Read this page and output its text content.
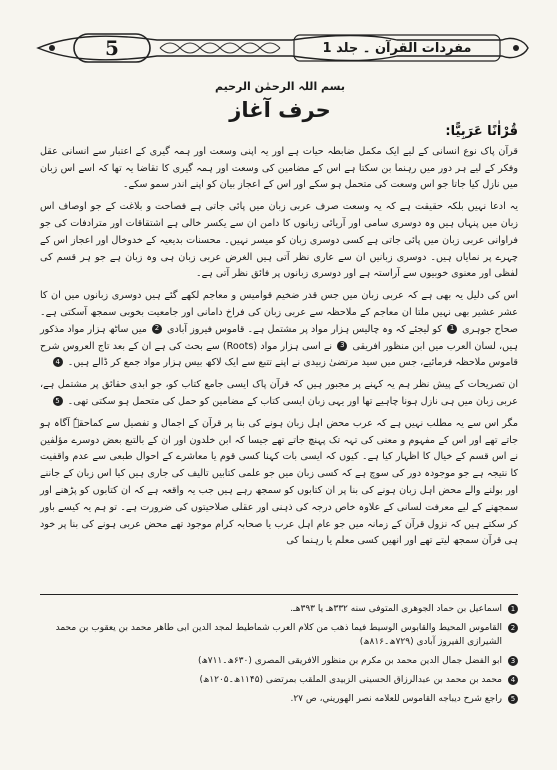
5	مفردات القرآن ۔ جلد 1
بسم اللہ الرحمٰن الرحیم
حرف آغاز
قُرْاٰنًا عَرَبِيًّا:

قرآن پاک نوع انسانی کے لیے ایک مکمل ضابطہ حیات ہے اور یہ اپنی وسعت اور ہمہ گیری کے اعتبار سے انسانی عقل وفکر کے لیے ہر دور میں رہنما بن سکتا ہے اس کے مضامین کی وسعت اور ہمہ گیری کا تقاضا یہ تھا کہ اسے اس زبان میں نازل کیا جاتا جو اس وسعت کی متحمل ہو سکے اور اس کے اعجاز بیان کو اپنے اندر سمو سکے۔

یہ ادعا نہیں بلکہ حقیقت ہے کہ یہ وسعت صرف عربی زبان میں پائی جاتی ہے فصاحت و بلاغت کے جو اوصاف اس زبان میں پنہاں ہیں وہ دوسری سامی اور آریائی زبانوں کا دامن ان سے یکسر خالی ہے اشتقاقات اور مترادفات کی جو فراوانی عربی زبان میں پائی جاتی ہے کسی دوسری زبان کو میسر نہیں۔ محسنات بدیعیہ کے خدوخال اور اعجاز اس کے چہرے پر نمایاں ہیں۔ دوسری زبانیں ان سے عاری نظر آتی ہیں الغرض عربی زبان ہی وہ زبان ہے جو ہر قسم کی لفظی اور معنوی خوبیوں سے آراستہ ہے اور دوسری زبانوں پر فائق نظر آتی ہے۔

اس کی دلیل یہ بھی ہے کہ عربی زبان میں جس قدر ضخیم قوامیس و معاجم لکھے گئے ہیں دوسری زبانوں میں ان کا عشر عشیر بھی نہیں ملتا ان معاجم کے ملاحظہ سے عربی زبان کی فراخ دامانی اور جامعیت بخوبی سمجھ آسکتی ہے۔ صحاح جوہری 1 کو لیجئے کہ وہ چالیس ہزار مواد پر مشتمل ہے۔ قاموس فیروز آبادی 2 میں ساٹھ ہزار مواد مذکور ہیں، لسان العرب میں ابن منظور افریقی 3 نے اسی ہزار مواد (Roots) سے بحث کی ہے ان کے بعد تاج العروس شرح قاموس ملاحظہ فرمائیے، جس میں سید مرتضیٰ زبیدی نے اپنے تتبع سے ایک لاکھ بیس ہزار مواد جمع کر ڈالے ہیں۔ 4

ان تصریحات کے پیش نظر ہم یہ کہنے پر مجبور ہیں کہ قرآن پاک ایسی جامع کتاب کو، جو ابدی حقائق پر مشتمل ہے، عربی زبان میں ہی نازل ہونا چاہیے تھا اور یہی زبان ایسی کتاب کے مضامین کو حمل کی متحمل ہو سکتی تھی۔ 5

مگر اس سے یہ مطلب نہیں ہے کہ عرب محض اہل زبان ہونے کی بنا پر قرآن کے اجمال و تفصیل سے کماحقہٗ آگاہ ہو جاتے تھے اور اس کے مفہوم و معنی کی تہہ تک پہنچ جاتے تھے جیسا کہ ابن خلدون اور ان کے بالتبع بعض دوسرے مؤلفین نے اس قسم کے خیال کا اظہار کیا ہے۔ کیوں کہ ایسی بات کہنا کسی قوم یا معاشرے کے احوال طبعی سے عدم واقفیت کا نتیجہ ہے جو موجودہ دور کی سوچ ہے کہ کسی زبان میں جو علمی کتابیں تالیف کی جاری ہیں کیا اس زبان کے جاننے اور بولنے والے محض اہل زبان ہونے کی بنا پر ان کتابوں کو سمجھ رہے ہیں جب یہ واقعہ ہے کہ ان کتابوں کو پڑھنے اور سمجھنے کے لیے معرفت لسانی کے علاوہ خاص درجہ کی ذہنی اور عقلی صلاحیتوں کی ضرورت ہے۔ تو ہم یہ کیسے باور کر سکتے ہیں کہ نزول قرآن کے زمانہ میں جو عام اہل عرب یا صحابہ کرام موجود تھے محض عربی ہونے کی بنا پر خود ہی قرآن سمجھ لیتے تھے اور انھیں کسی معلم یا رہنما کی

1
اسماعیل بن حماد الجوهری المتوفی سنه ۳۳۲هـ یا ۳۹۳هـ.
2
القاموس المحیط والقابوس الوسیط فیما ذهب من كلام العرب شماطیط لمجد الدین ابی طاهر محمد بن یعقوب بن محمد الشیرازی الفیروز آبادی (۷۲۹ھ۔۸۱۶ھ)
3
ابو الفضل جمال الدین محمد بن مکرم بن منظور الافریقی المصری (۶۳۰ھ۔۷۱۱ھ)
4
محمد بن محمد بن عبدالرزاق الحسینی الزبیدی الملقب بمرتضی (۱۱۴۵ھ۔۱۲۰۵ھ)
5
راجع شرح دیباجه القاموس للعلامه نصر الهوریني، ص ۲۷.
